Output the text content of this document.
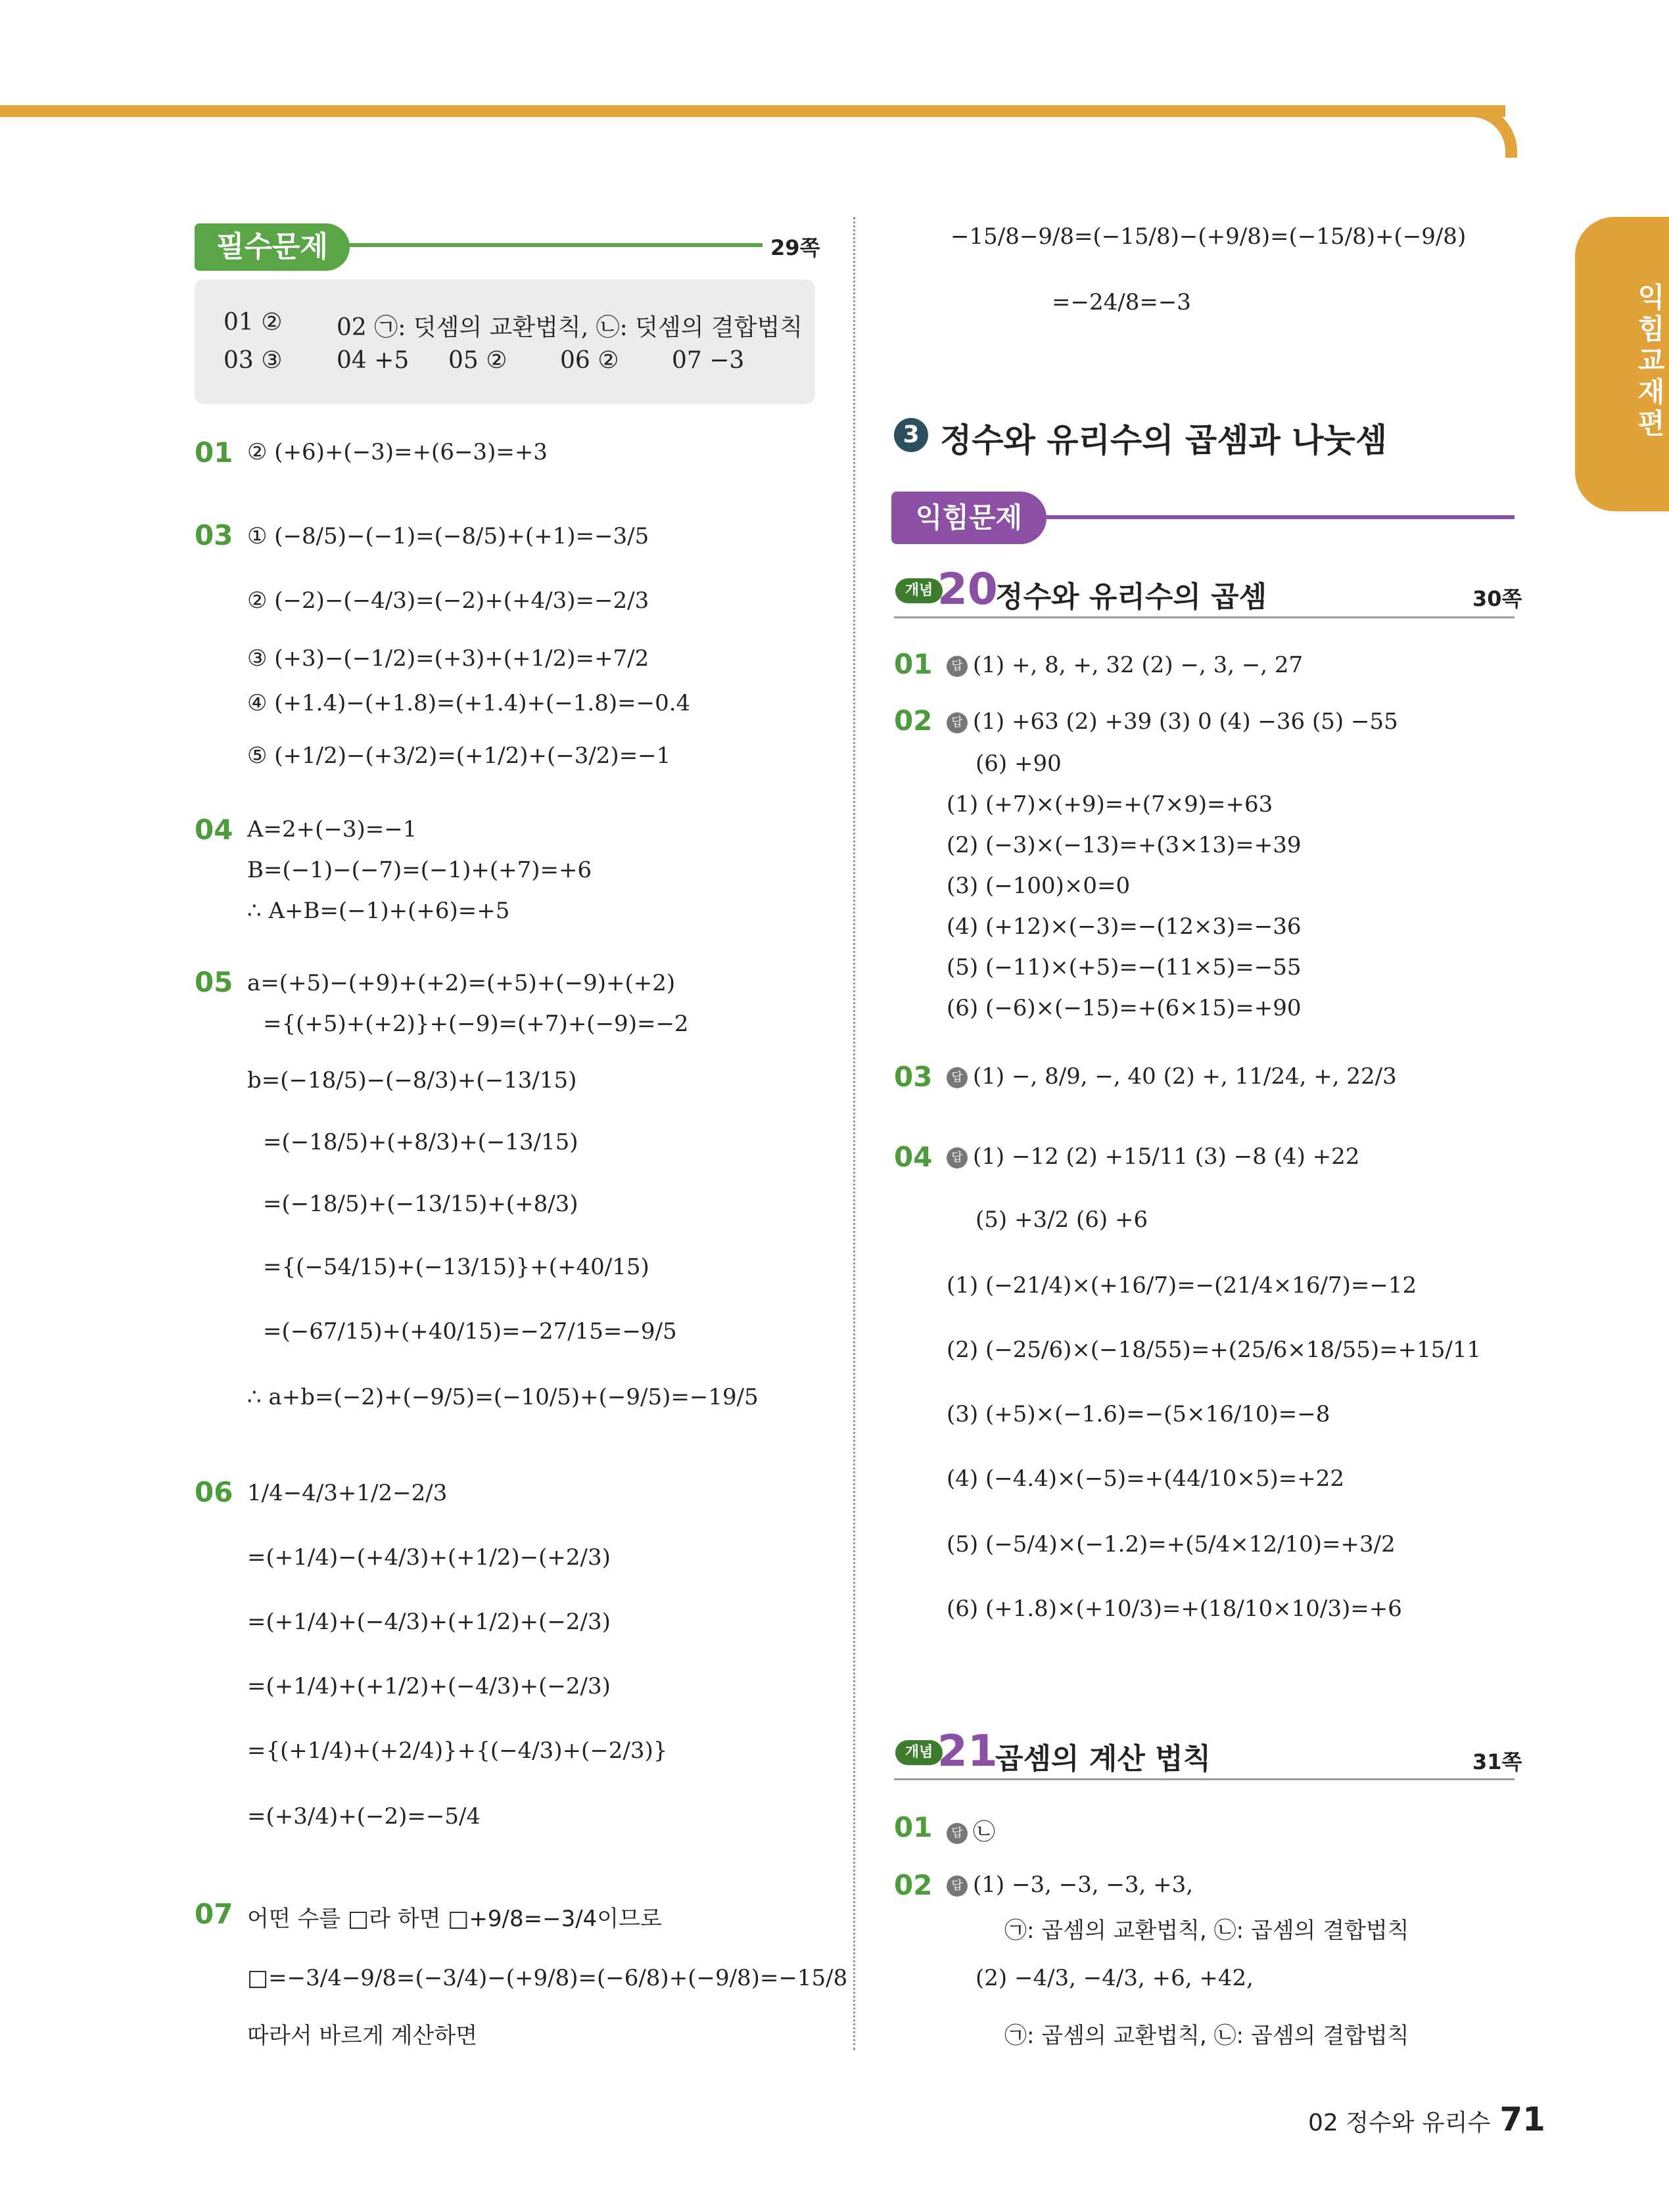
익힘교재편
필수문제	29쪽
01 ② 02 ㉠: 덧셈의 교환법칙, ㉡: 덧셈의 결합법칙
03 ③ 04 +5 05 ② 06 ② 07 −3
01 ② (+6)+(−3)=+(6−3)=+3
03 ① (−8/5)−(−1)=(−8/5)+(+1)=−3/5
② (−2)−(−4/3)=(−2)+(+4/3)=−2/3
③ (+3)−(−1/2)=(+3)+(+1/2)=+7/2
④ (+1.4)−(+1.8)=(+1.4)+(−1.8)=−0.4
⑤ (+1/2)−(+3/2)=(+1/2)+(−3/2)=−1
04 A=2+(−3)=−1
B=(−1)−(−7)=(−1)+(+7)=+6
∴ A+B=(−1)+(+6)=+5
05 a=(+5)−(+9)+(+2)=(+5)+(−9)+(+2)
={(+5)+(+2)}+(−9)=(+7)+(−9)=−2
b=(−18/5)−(−8/3)+(−13/15)
=(−18/5)+(+8/3)+(−13/15)
=(−18/5)+(−13/15)+(+8/3)
={(−54/15)+(−13/15)}+(+40/15)
=(−67/15)+(+40/15)=−27/15=−9/5
∴ a+b=(−2)+(−9/5)=(−10/5)+(−9/5)=−19/5
06 1/4−4/3+1/2−2/3
=(+1/4)−(+4/3)+(+1/2)−(+2/3)
=(+1/4)+(−4/3)+(+1/2)+(−2/3)
=(+1/4)+(+1/2)+(−4/3)+(−2/3)
={(+1/4)+(+2/4)}+{(−4/3)+(−2/3)}
=(+3/4)+(−2)=−5/4
07 어떤 수를 □라 하면 □+9/8=−3/4이므로
□=−3/4−9/8=(−3/4)−(+9/8)=(−6/8)+(−9/8)=−15/8
따라서 바르게 계산하면
−15/8−9/8=(−15/8)−(+9/8)=(−15/8)+(−9/8)
=−24/8=−3
3 정수와 유리수의 곱셈과 나눗셈
익힘문제
개념 20
정수와 유리수의 곱셈	30쪽
01	답 (1) +, 8, +, 32 (2) −, 3, −, 27
02	답 (1) +63 (2) +39 (3) 0 (4) −36 (5) −55
(6) +90
(1) (+7)×(+9)=+(7×9)=+63
(2) (−3)×(−13)=+(3×13)=+39
(3) (−100)×0=0
(4) (+12)×(−3)=−(12×3)=−36
(5) (−11)×(+5)=−(11×5)=−55
(6) (−6)×(−15)=+(6×15)=+90
03	답 (1) −, 8/9, −, 40 (2) +, 11/24, +, 22/3
04	답 (1) −12 (2) +15/11 (3) −8 (4) +22
(5) +3/2 (6) +6
(1) (−21/4)×(+16/7)=−(21/4×16/7)=−12
(2) (−25/6)×(−18/55)=+(25/6×18/55)=+15/11
(3) (+5)×(−1.6)=−(5×16/10)=−8
(4) (−4.4)×(−5)=+(44/10×5)=+22
(5) (−5/4)×(−1.2)=+(5/4×12/10)=+3/2
(6) (+1.8)×(+10/3)=+(18/10×10/3)=+6
개념 21
곱셈의 계산 법칙	31쪽
01	답 ㉡
02	답 (1) −3, −3, −3, +3,
㉠: 곱셈의 교환법칙, ㉡: 곱셈의 결합법칙
(2) −4/3, −4/3, +6, +42,
㉠: 곱셈의 교환법칙, ㉡: 곱셈의 결합법칙
02 정수와 유리수 71
